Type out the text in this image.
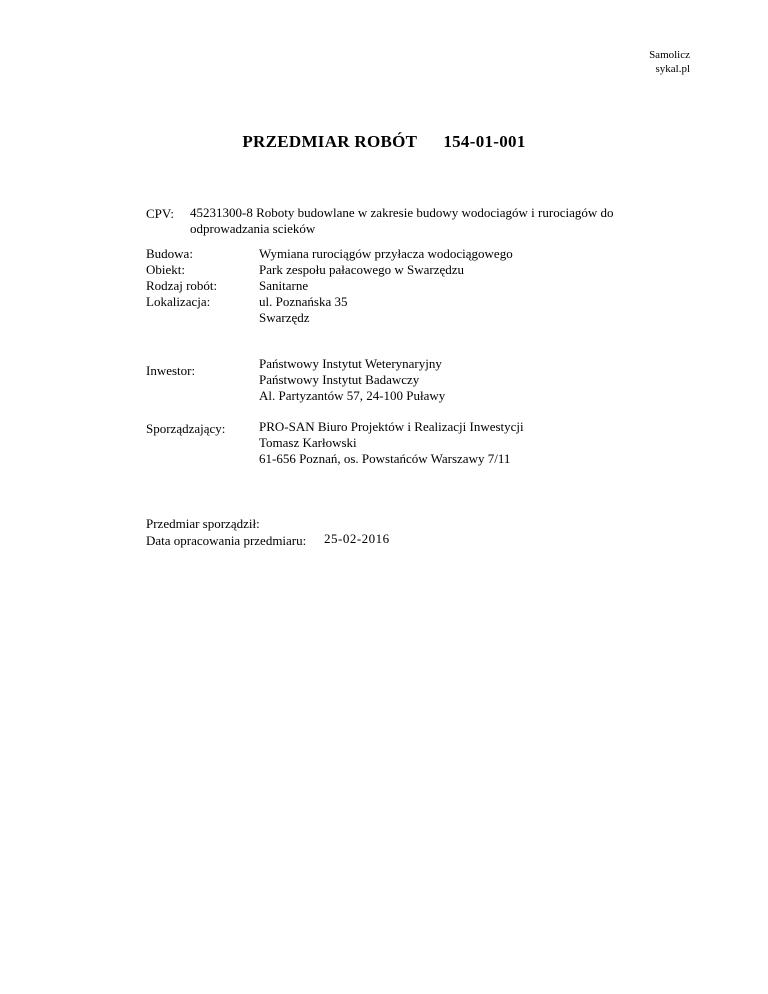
Samolicz
sykal.pl
PRZEDMIAR ROBÓT 154-01-001
CPV: 45231300-8 Roboty budowlane w zakresie budowy wodociagów i rurociagów do
odprowadzania scieków
Budowa:
Obiekt:
Rodzaj robót:
Lokalizacja:
Wymiana rurociągów przyłacza wodociągowego
Park zespołu pałacowego w Swarzędzu
Sanitarne
ul. Poznańska 35
Swarzędz
Inwestor:	Państwowy Instytut Weterynaryjny
Państwowy Instytut Badawczy
Al. Partyzantów 57, 24-100 Puławy
Sporządzający:	PRO-SAN Biuro Projektów i Realizacji Inwestycji
Tomasz Karłowski
61-656 Poznań, os. Powstańców Warszawy 7/11
Przedmiar sporządził:
Data opracowania przedmiaru: 25-02-2016
